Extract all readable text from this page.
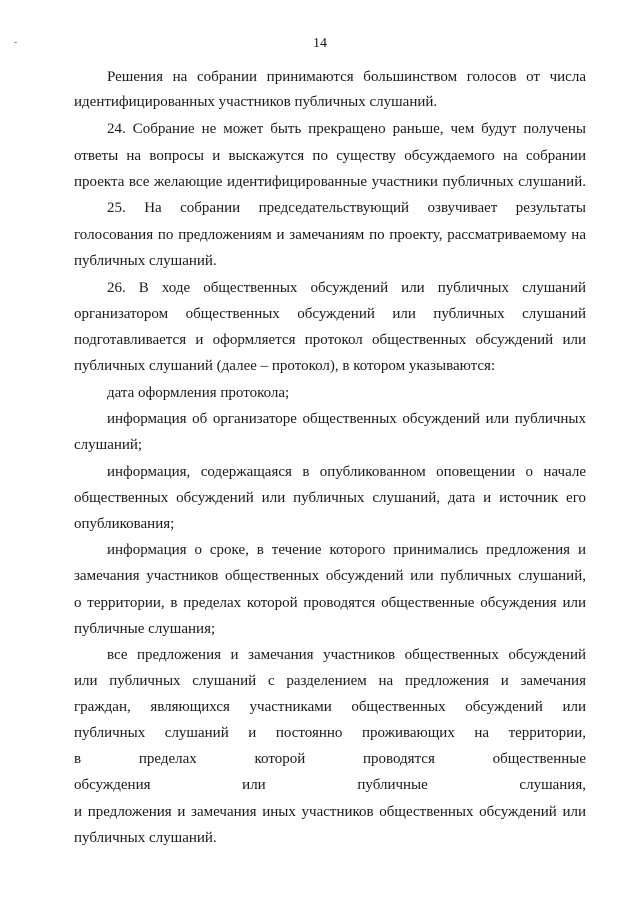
14
Решения на собрании принимаются большинством голосов от числа
идентифицированных участников публичных слушаний.
24. Собрание не может быть прекращено раньше, чем будут получены
ответы на вопросы и выскажутся по существу обсуждаемого на собрании
проекта все желающие идентифицированные участники публичных слушаний.
25. На собрании председательствующий озвучивает результаты
голосования по предложениям и замечаниям по проекту, рассматриваемому на
публичных слушаний.
26. В ходе общественных обсуждений или публичных слушаний
организатором общественных обсуждений или публичных слушаний
подготавливается и оформляется протокол общественных обсуждений или
публичных слушаний (далее – протокол), в котором указываются:
дата оформления протокола;
информация об организаторе общественных обсуждений или публичных
слушаний;
информация, содержащаяся в опубликованном оповещении о начале
общественных обсуждений или публичных слушаний, дата и источник его
опубликования;
информация о сроке, в течение которого принимались предложения и
замечания участников общественных обсуждений или публичных слушаний,
о территории, в пределах которой проводятся общественные обсуждения или
публичные слушания;
все предложения и замечания участников общественных обсуждений
или публичных слушаний с разделением на предложения и замечания
граждан, являющихся участниками общественных обсуждений или
публичных слушаний и постоянно проживающих на территории,
в пределах которой проводятся общественные
обсуждения или публичные слушания,
и предложения и замечания иных участников общественных обсуждений или
публичных слушаний.
